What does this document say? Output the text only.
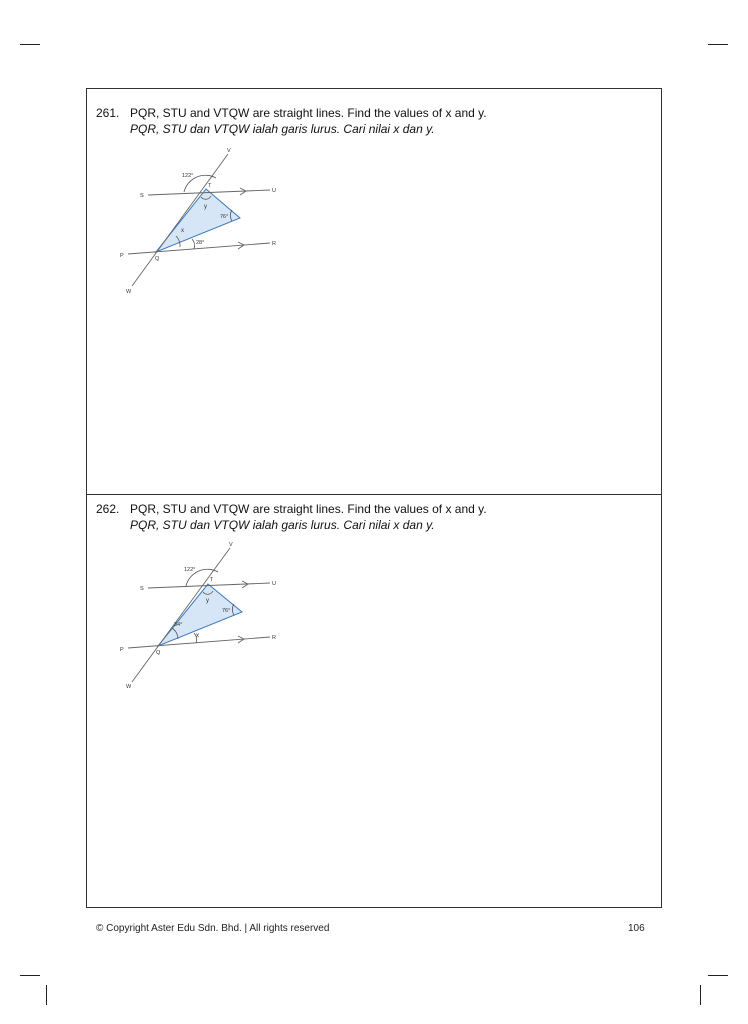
261. PQR, STU and VTQW are straight lines. Find the values of x and y.
PQR, STU dan VTQW ialah garis lurus. Cari nilai x dan y.
V
T
U
S
P	Q
R
W
122°
y
76°
x
28°
262. PQR, STU and VTQW are straight lines. Find the values of x and y.
PQR, STU dan VTQW ialah garis lurus. Cari nilai x dan y.
V
T
U
S
P	Q
R
W
122°
y
76°
34°
x
© Copyright Aster Edu Sdn. Bhd. | All rights reserved	106
